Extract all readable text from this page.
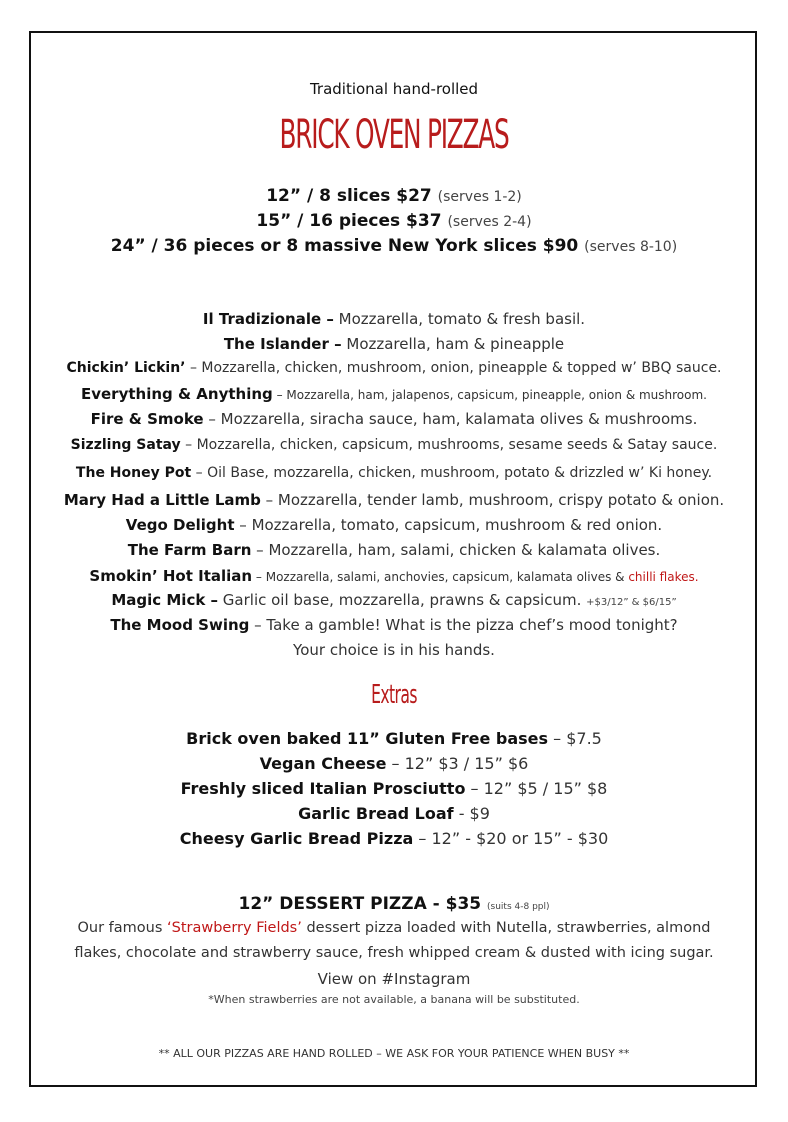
Traditional hand-rolled
BRICK OVEN PIZZAS
12” / 8 slices $27 (serves 1-2)
15” / 16 pieces $37 (serves 2-4)
24” / 36 pieces or 8 massive New York slices $90 (serves 8-10)
Il Tradizionale – Mozzarella, tomato & fresh basil.
The Islander – Mozzarella, ham & pineapple
Chickin’ Lickin’ – Mozzarella, chicken, mushroom, onion, pineapple & topped w’ BBQ sauce.
Everything & Anything – Mozzarella, ham, jalapenos, capsicum, pineapple, onion & mushroom.
Fire & Smoke – Mozzarella, siracha sauce, ham, kalamata olives & mushrooms.
Sizzling Satay – Mozzarella, chicken, capsicum, mushrooms, sesame seeds & Satay sauce.
The Honey Pot – Oil Base, mozzarella, chicken, mushroom, potato & drizzled w’ Ki honey.
Mary Had a Little Lamb – Mozzarella, tender lamb, mushroom, crispy potato & onion.
Vego Delight – Mozzarella, tomato, capsicum, mushroom & red onion.
The Farm Barn – Mozzarella, ham, salami, chicken & kalamata olives.
Smokin’ Hot Italian – Mozzarella, salami, anchovies, capsicum, kalamata olives & chilli flakes.
Magic Mick – Garlic oil base, mozzarella, prawns & capsicum. +$3/12” & $6/15”
The Mood Swing – Take a gamble! What is the pizza chef’s mood tonight?
Your choice is in his hands.
Extras
Brick oven baked 11” Gluten Free bases – $7.5
Vegan Cheese – 12” $3 / 15” $6
Freshly sliced Italian Prosciutto – 12” $5 / 15” $8
Garlic Bread Loaf - $9
Cheesy Garlic Bread Pizza – 12” - $20 or 15” - $30
12” DESSERT PIZZA - $35 (suits 4-8 ppl)
Our famous ‘Strawberry Fields’ dessert pizza loaded with Nutella, strawberries, almond
flakes, chocolate and strawberry sauce, fresh whipped cream & dusted with icing sugar.
View on #Instagram
*When strawberries are not available, a banana will be substituted.
** ALL OUR PIZZAS ARE HAND ROLLED – WE ASK FOR YOUR PATIENCE WHEN BUSY **
